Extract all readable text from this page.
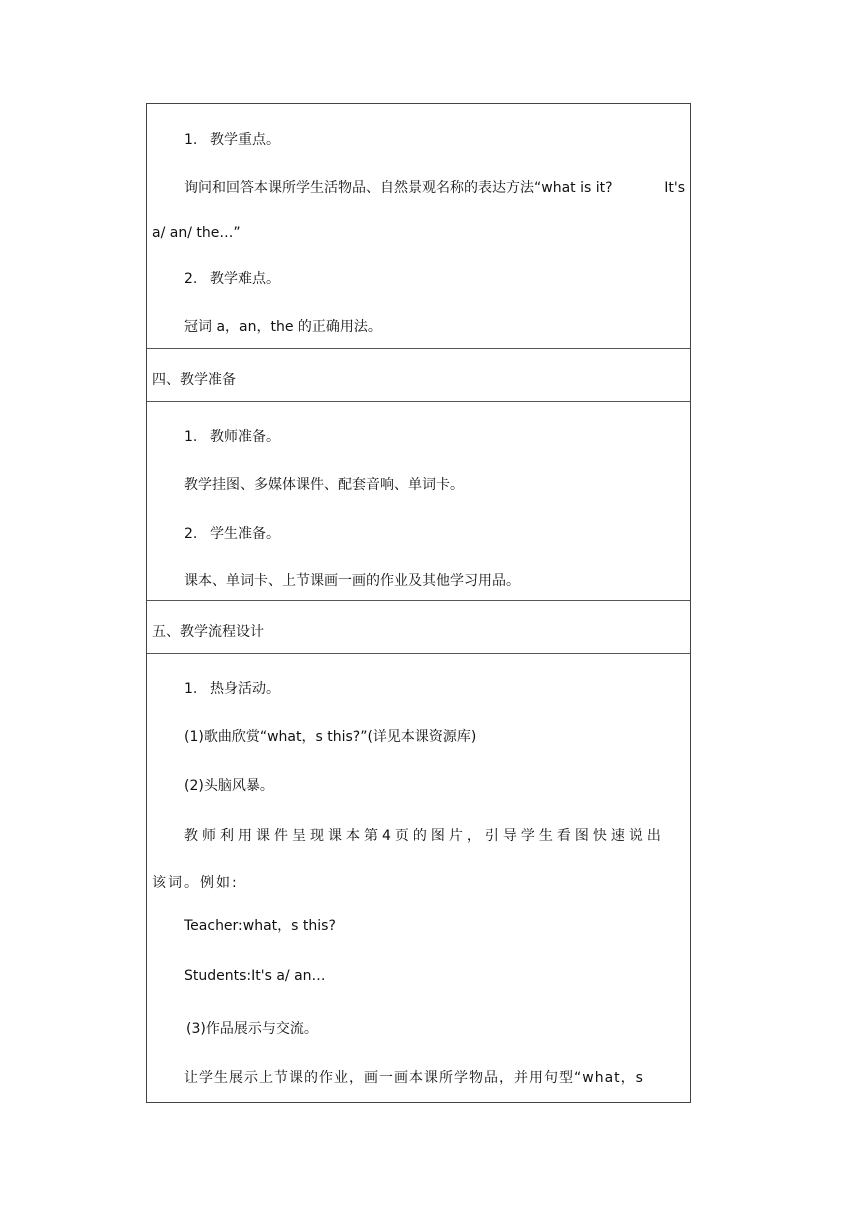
1. 教学重点。
询问和回答本课所学生活物品、自然景观名称的表达方法“what is it?	It's
a/ an/ the…”
2. 教学难点。
冠词 a，an，the 的正确用法。
四、教学准备
1. 教师准备。
教学挂图、多媒体课件、配套音响、单词卡。
2. 学生准备。
课本、单词卡、上节课画一画的作业及其他学习用品。
五、教学流程设计
1. 热身活动。
(1)歌曲欣赏“what，s this?”(详见本课资源库)
(2)头脑风暴。
教师利用课件呈现课本第4页的图片，引导学生看图快速说出
该词。例如:
Teacher:what，s this?
Students:It's a/ an…
(3)作品展示与交流。
让学生展示上节课的作业，画一画本课所学物品，并用句型“what，s
